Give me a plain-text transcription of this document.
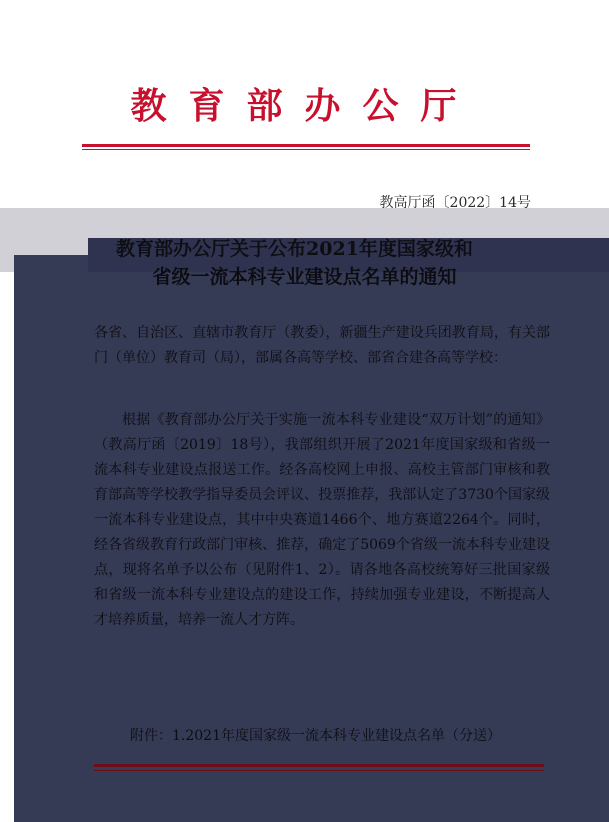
教育部办公厅
教高厅函〔2022〕14号
教育部办公厅关于公布2021年度国家级和
省级一流本科专业建设点名单的通知
各省、自治区、直辖市教育厅（教委），新疆生产建设兵团教育局，有关部门（单位）教育司（局），部属各高等学校、部省合建各高等学校：
根据《教育部办公厅关于实施一流本科专业建设“双万计划”的通知》（教高厅函〔2019〕18号），我部组织开展了2021年度国家级和省级一流本科专业建设点报送工作。经各高校网上申报、高校主管部门审核和教育部高等学校教学指导委员会评议、投票推荐，我部认定了3730个国家级一流本科专业建设点，其中中央赛道1466个、地方赛道2264个。同时，经各省级教育行政部门审核、推荐，确定了5069个省级一流本科专业建设点，现将名单予以公布（见附件1、2）。请各地各高校统筹好三批国家级和省级一流本科专业建设点的建设工作，持续加强专业建设，不断提高人才培养质量，培养一流人才方阵。
附件：1.2021年度国家级一流本科专业建设点名单（分送）
